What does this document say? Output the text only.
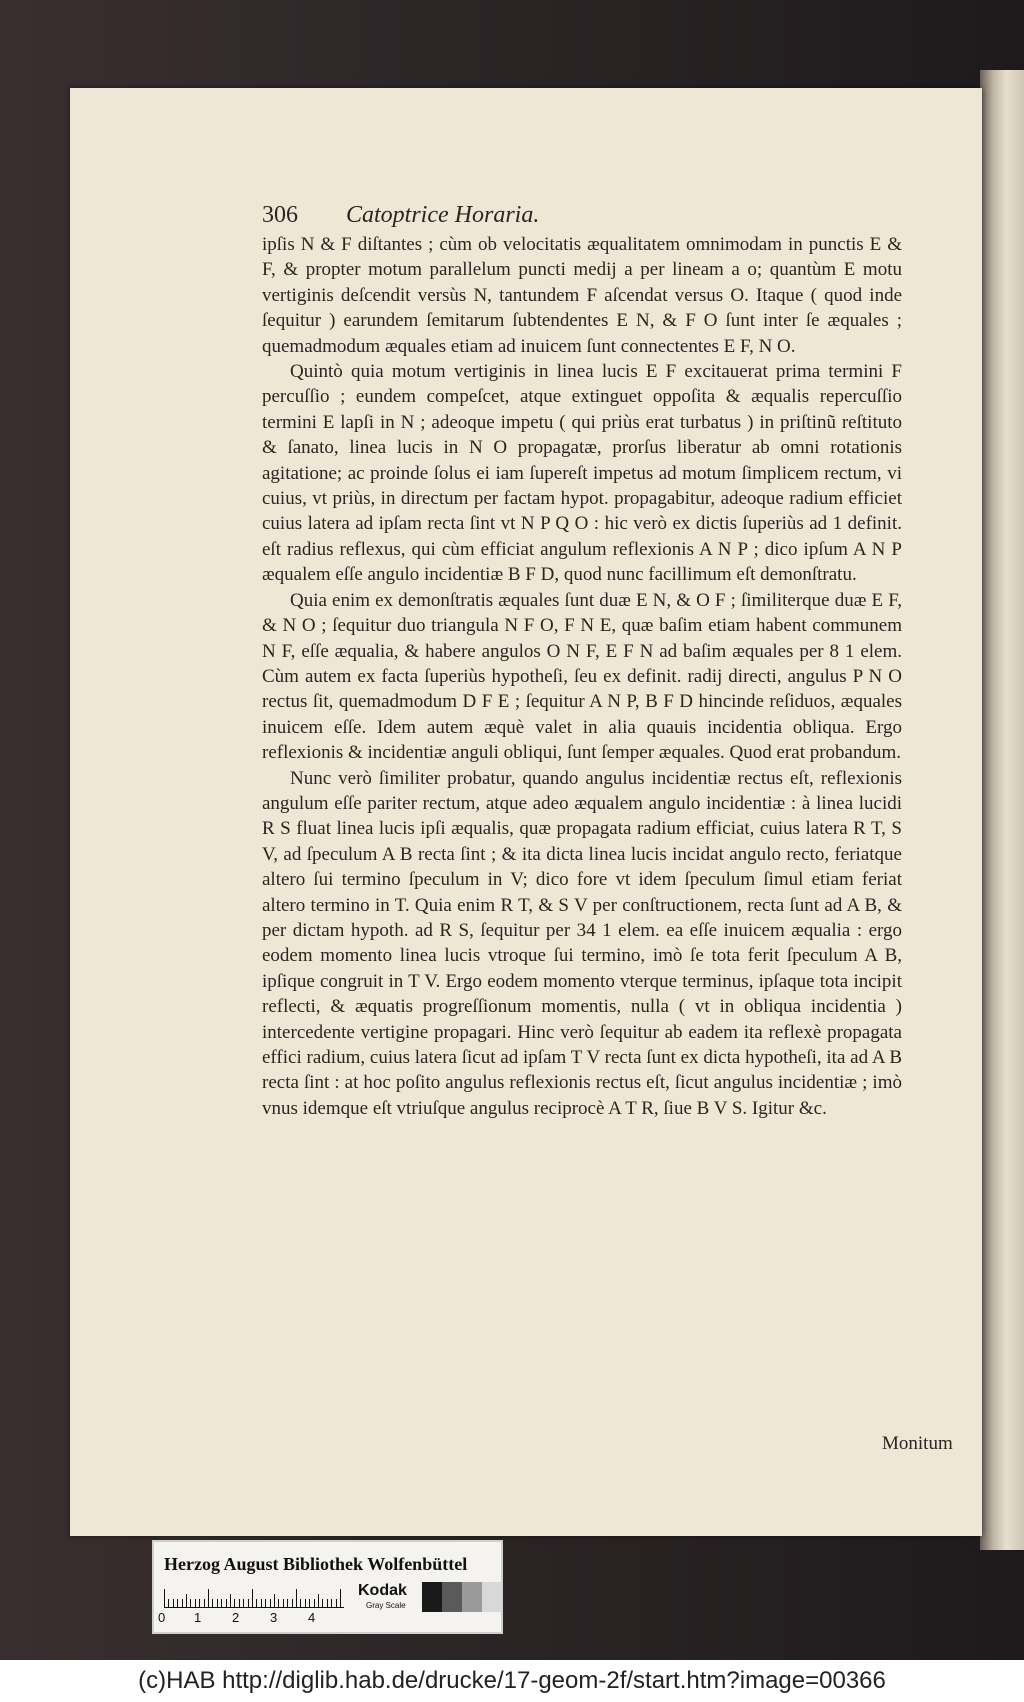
306 Catoptrice Horaria.

ipſis N & F diſtantes ; cùm ob velocitatis æqualitatem omnimodam in punctis E & F, & propter motum parallelum puncti medij a per lineam a o; quantùm E motu vertiginis deſcendit versùs N, tantundem F aſcendat versus O. Itaque ( quod inde ſequitur ) earundem ſemitarum ſubtendentes E N, & F O ſunt inter ſe æquales ; quemadmodum æquales etiam ad inuicem ſunt connectentes E F, N O.

Quintò quia motum vertiginis in linea lucis E F excitauerat prima termini F percuſſio ; eundem compeſcet, atque extinguet oppoſita & æqualis repercuſſio termini E lapſi in N ; adeoque impetu ( qui priùs erat turbatus ) in priſtinũ reſtituto & ſanato, linea lucis in N O propagatæ, prorſus liberatur ab omni rotationis agitatione; ac proinde ſolus ei iam ſupereſt impetus ad motum ſimplicem rectum, vi cuius, vt priùs, in directum per factam hypot. propagabitur, adeoque radium efficiet cuius latera ad ipſam recta ſint vt N P Q O : hic verò ex dictis ſuperiùs ad 1 definit. eſt radius reflexus, qui cùm efficiat angulum reflexionis A N P ; dico ipſum A N P æqualem eſſe angulo incidentiæ B F D, quod nunc facillimum eſt demonſtratu.

Quia enim ex demonſtratis æquales ſunt duæ E N, & O F ; ſimiliterque duæ E F, & N O ; ſequitur duo triangula N F O, F N E, quæ baſim etiam habent communem N F, eſſe æqualia, & habere angulos O N F, E F N ad baſim æquales per 8 1 elem. Cùm autem ex facta ſuperiùs hypotheſi, ſeu ex definit. radij directi, angulus P N O rectus ſit, quemadmodum D F E ; ſequitur A N P, B F D hincinde reſiduos, æquales inuicem eſſe. Idem autem æquè valet in alia quauis incidentia obliqua. Ergo reflexionis & incidentiæ anguli obliqui, ſunt ſemper æquales. Quod erat probandum.

Nunc verò ſimiliter probatur, quando angulus incidentiæ rectus eſt, reflexionis angulum eſſe pariter rectum, atque adeo æqualem angulo incidentiæ : à linea lucidi R S fluat linea lucis ipſi æqualis, quæ propagata radium efficiat, cuius latera R T, S V, ad ſpeculum A B recta ſint ; & ita dicta linea lucis incidat angulo recto, feriatque altero ſui termino ſpeculum in V; dico fore vt idem ſpeculum ſimul etiam feriat altero termino in T. Quia enim R T, & S V per conſtructionem, recta ſunt ad A B, & per dictam hypoth. ad R S, ſequitur per 34 1 elem. ea eſſe inuicem æqualia : ergo eodem momento linea lucis vtroque ſui termino, imò ſe tota ferit ſpeculum A B, ipſique congruit in T V. Ergo eodem momento vterque terminus, ipſaque tota incipit reflecti, & æquatis progreſſionum momentis, nulla ( vt in obliqua incidentia ) intercedente vertigine propagari. Hinc verò ſequitur ab eadem ita reflexè propagata effici radium, cuius latera ſicut ad ipſam T V recta ſunt ex dicta hypotheſi, ita ad A B recta ſint : at hoc poſito angulus reflexionis rectus eſt, ſicut angulus incidentiæ ; imò vnus idemque eſt vtriuſque angulus reciprocè A T R, ſiue B V S. Igitur &c.

Monitum
Herzog August Bibliothek Wolfenbüttel
0 1 2 3 4
Kodak
Gray Scale
(c)HAB http://diglib.hab.de/drucke/17-geom-2f/start.htm?image=00366
